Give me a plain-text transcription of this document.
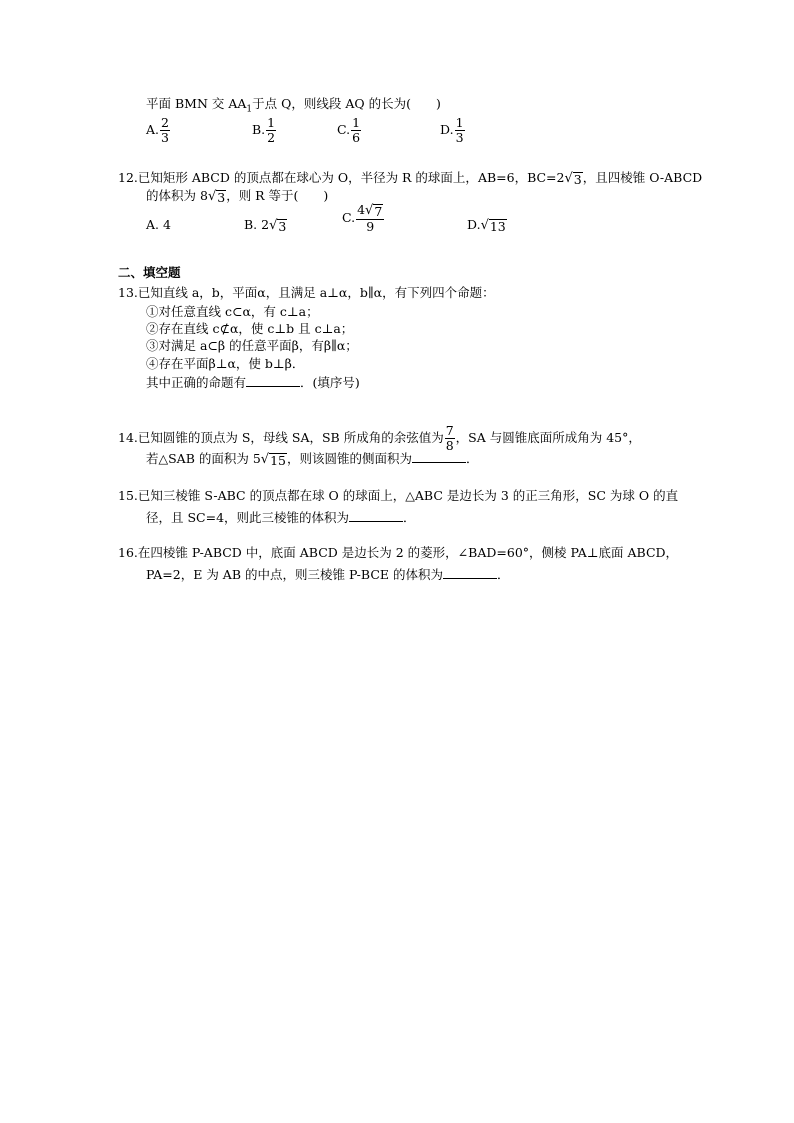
平面 BMN 交 $AA_1$于点 Q，则线段 AQ 的长为(　　)
A. $\frac{2}{3}$	B. $\frac{1}{2}$	C. $\frac{1}{6}$	D. $\frac{1}{3}$
12.已知矩形 ABCD 的顶点都在球心为 O，半径为 R 的球面上，AB=6，BC=2 √ 3 ，且四棱锥 O-ABCD
的体积为 8 √ 3 ，则 R 等于(　　)
A. 4	B. 2 √ 3
C. $\frac{4 √ 7}{9}$	D. √ 13
二、填空题
13.已知直线 a，b，平面α，且满足 a⊥α，b∥α，有下列四个命题：
①对任意直线 c⊂α，有 c⊥a；
②存在直线 c⊄α，使 c⊥b 且 c⊥a；
③对满足 a⊂β 的任意平面β，有β∥α；
④存在平面β⊥α，使 b⊥β．
其中正确的命题有	．(填序号)
14.已知圆锥的顶点为 S，母线 SA，SB 所成角的余弦值为 $\frac{7}{8}$ ，SA 与圆锥底面所成角为 45°，
若△SAB 的面积为 5 √ 15 ，则该圆锥的侧面积为	．
15.已知三棱锥 S-ABC 的顶点都在球 O 的球面上，△ABC 是边长为 3 的正三角形，SC 为球 O 的直
径，且 SC=4，则此三棱锥的体积为	．
16.在四棱锥 P-ABCD 中，底面 ABCD 是边长为 2 的菱形，∠BAD=60°，侧棱 PA⊥底面 ABCD，
PA=2，E 为 AB 的中点，则三棱锥 P-BCE 的体积为	．
